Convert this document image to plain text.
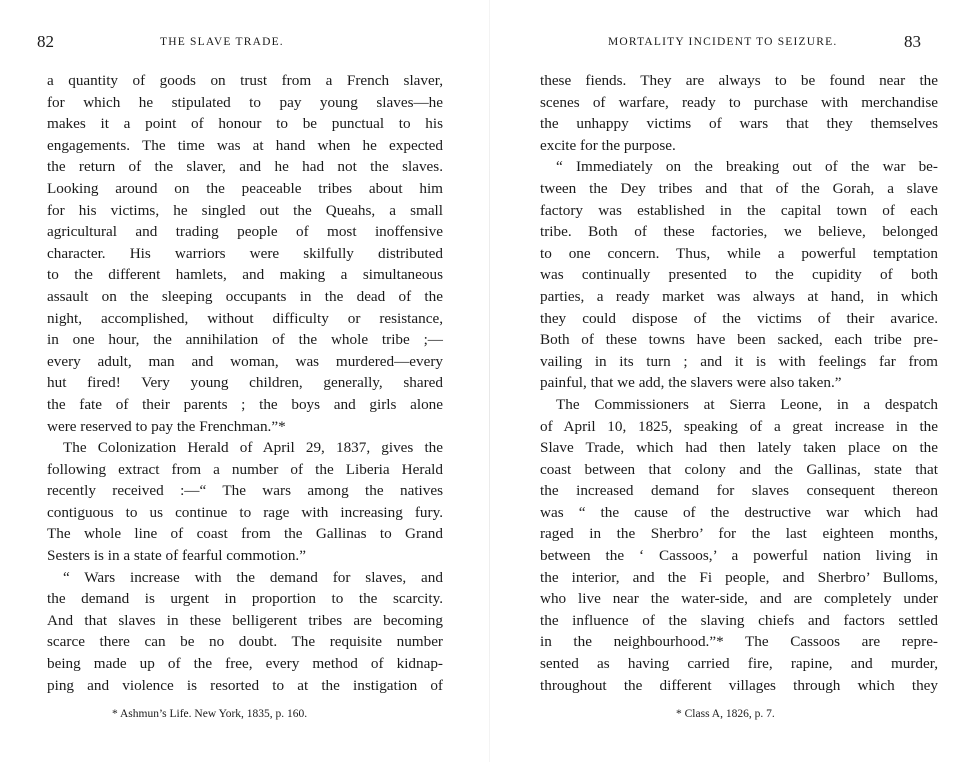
82	THE SLAVE TRADE.
a quantity of goods on trust from a French slaver,
for which he stipulated to pay young slaves—he
makes it a point of honour to be punctual to his
engagements. The time was at hand when he expected
the return of the slaver, and he had not the slaves.
Looking around on the peaceable tribes about him
for his victims, he singled out the Queahs, a small
agricultural and trading people of most inoffensive
character. His warriors were skilfully distributed
to the different hamlets, and making a simultaneous
assault on the sleeping occupants in the dead of the
night, accomplished, without difficulty or resistance,
in one hour, the annihilation of the whole tribe ;—
every adult, man and woman, was murdered—every
hut fired! Very young children, generally, shared
the fate of their parents ; the boys and girls alone
were reserved to pay the Frenchman.”*
The Colonization Herald of April 29, 1837, gives the
following extract from a number of the Liberia Herald
recently received :—“ The wars among the natives
contiguous to us continue to rage with increasing fury.
The whole line of coast from the Gallinas to Grand
Sesters is in a state of fearful commotion.”
“ Wars increase with the demand for slaves, and
the demand is urgent in proportion to the scarcity.
And that slaves in these belligerent tribes are becoming
scarce there can be no doubt. The requisite number
being made up of the free, every method of kidnap-
ping and violence is resorted to at the instigation of
* Ashmun’s Life. New York, 1835, p. 160.
MORTALITY INCIDENT TO SEIZURE.	83
these fiends. They are always to be found near the
scenes of warfare, ready to purchase with merchandise
the unhappy victims of wars that they themselves
excite for the purpose.
“ Immediately on the breaking out of the war be-
tween the Dey tribes and that of the Gorah, a slave
factory was established in the capital town of each
tribe. Both of these factories, we believe, belonged
to one concern. Thus, while a powerful temptation
was continually presented to the cupidity of both
parties, a ready market was always at hand, in which
they could dispose of the victims of their avarice.
Both of these towns have been sacked, each tribe pre-
vailing in its turn ; and it is with feelings far from
painful, that we add, the slavers were also taken.”
The Commissioners at Sierra Leone, in a despatch
of April 10, 1825, speaking of a great increase in the
Slave Trade, which had then lately taken place on the
coast between that colony and the Gallinas, state that
the increased demand for slaves consequent thereon
was “ the cause of the destructive war which had
raged in the Sherbro’ for the last eighteen months,
between the ‘ Cassoos,’ a powerful nation living in
the interior, and the Fi people, and Sherbro’ Bulloms,
who live near the water-side, and are completely under
the influence of the slaving chiefs and factors settled
in the neighbourhood.”* The Cassoos are repre-
sented as having carried fire, rapine, and murder,
throughout the different villages through which they
* Class A, 1826, p. 7.
